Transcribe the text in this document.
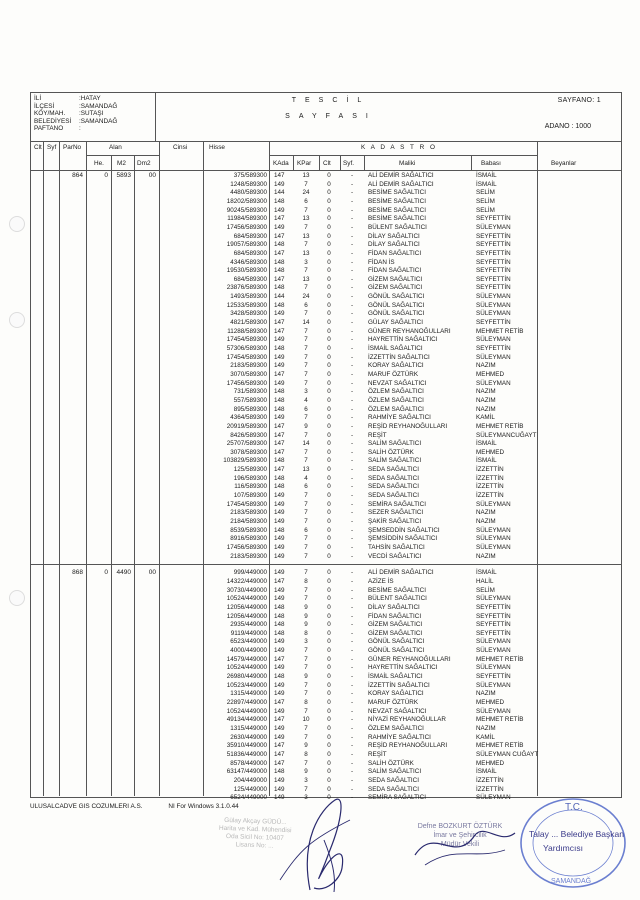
İLİ	:HATAY
İLÇESİ	:SAMANDAĞ
KÖY/MAH.	:SUTAŞI
BELEDİYESİ	:SAMANDAĞ
PAFTANO	:
TESCİL
SAYFASI
SAYFANO: 1
ADANO : 1000
Clt Syf ParNo	Alan	Cinsi	Hisse	K A D A S T R O
He. M2 Dm2	KAda KPar Clt Syf.	Maliki	Babası	Beyanlar
864	0 5893	00	375/589300 147	13	0	-	ALİ DEMİR SAĞALTICI	İSMAİL
1248/589300 149	7	0	-	ALİ DEMİR SAĞALTICI	İSMAİL
4480/589300 144	24	0	-	BESİME SAĞALTICI	SELİM
18202/589300 148	6	0	-	BESİME SAĞALTICI	SELİM
90245/589300 149	7	0	-	BESİME SAĞALTICI	SELİM
11984/589300 147	13	0	-	BESİME SAĞALTICI	SEYFETTİN
17456/589300 149	7	0	-	BÜLENT SAĞALTICI	SÜLEYMAN
684/589300 147	13	0	-	DİLAY SAĞALTICI	SEYFETTİN
19057/589300 148	7	0	-	DİLAY SAĞALTICI	SEYFETTİN
684/589300 147	13	0	-	FİDAN SAĞALTICI	SEYFETTİN
4346/589300 148	3	0	-	FİDAN İS	SEYFETTİN
19530/589300 148	7	0	-	FİDAN SAĞALTICI	SEYFETTİN
684/589300 147	13	0	-	GİZEM SAĞALTICI	SEYFETTİN
23876/589300 148	7	0	-	GİZEM SAĞALTICI	SEYFETTİN
1493/589300 144	24	0	-	GÖNÜL SAĞALTICI	SÜLEYMAN
12533/589300 148	6	0	-	GÖNÜL SAĞALTICI	SÜLEYMAN
3428/589300 149	7	0	-	GÖNÜL SAĞALTICI	SÜLEYMAN
4821/589300 147	14	0	-	GÜLAY SAĞALTICI	SEYFETTİN
11288/589300 147	7	0	-	GÜNER REYHANOĞULLARI	MEHMET RETİB
17454/589300 149	7	0	-	HAYRETTİN SAĞALTICI	SÜLEYMAN
57306/589300 148	7	0	-	İSMAİL SAĞALTICI	SEYFETTİN
17454/589300 149	7	0	-	İZZETTİN SAĞALTICI	SÜLEYMAN
2183/589300 149	7	0	-	KORAY SAĞALTICI	NAZIM
3070/589300 147	7	0	-	MARUF ÖZTÜRK	MEHMED
17456/589300 149	7	0	-	NEVZAT SAĞALTICI	SÜLEYMAN
731/589300 148	3	0	-	ÖZLEM SAĞALTICI	NAZIM
557/589300 148	4	0	-	ÖZLEM SAĞALTICI	NAZIM
895/589300 148	6	0	-	ÖZLEM SAĞALTICI	NAZIM
4364/589300 149	7	0	-	RAHMİYE SAĞALTICI	KAMİL
20919/589300 147	9	0	-	REŞİD REYHANOĞULLARI	MEHMET RETİB
8426/589300 147	7	0	-	REŞİT	SÜLEYMANCUĞAYT
25707/589300 147	14	0	-	SALİM SAĞALTICI	İSMAİL
3078/589300 147	7	0	-	SALİH ÖZTÜRK	MEHMED
103829/589300 148	7	0	-	SALİM SAĞALTICI	İSMAİL
125/589300 147	13	0	-	SEDA SAĞALTICI	İZZETTİN
196/589300 148	4	0	-	SEDA SAĞALTICI	İZZETTİN
116/589300 148	6	0	-	SEDA SAĞALTICI	İZZETTİN
107/589300 149	7	0	-	SEDA SAĞALTICI	İZZETTİN
17454/589300 149	7	0	-	SEMİRA SAĞALTICI	SÜLEYMAN
2183/589300 149	7	0	-	SEZER SAĞALTICI	NAZIM
2184/589300 149	7	0	-	ŞAKİR SAĞALTICI	NAZIM
8539/589300 148	6	0	-	ŞEMSEDDİN SAĞALTICI	SÜLEYMAN
8916/589300 149	7	0	-	ŞEMSİDDİN SAĞALTICI	SÜLEYMAN
17456/589300 149	7	0	-	TAHSİN SAĞALTICI	SÜLEYMAN
2183/589300 149	7	0	-	VECDİ SAĞALTICI	NAZIM
868	0 4490	00	999/449000 149	7	0	-	ALİ DEMİR SAĞALTICI	İSMAİL
14322/449000 147	8	0	-	AZİZE İS	HALİL
30730/449000 149	7	0	-	BESİME SAĞALTICI	SELİM
10524/449000 149	7	0	-	BÜLENT SAĞALTICI	SÜLEYMAN
12056/449000 148	9	0	-	DİLAY SAĞALTICI	SEYFETTİN
12056/449000 148	9	0	-	FİDAN SAĞALTICI	SEYFETTİN
2935/449000 148	9	0	-	GİZEM SAĞALTICI	SEYFETTİN
9119/449000 148	8	0	-	GİZEM SAĞALTICI	SEYFETTİN
6523/449000 149	3	0	-	GÖNÜL SAĞALTICI	SÜLEYMAN
4000/449000 149	7	0	-	GÖNÜL SAĞALTICI	SÜLEYMAN
14579/449000 147	7	0	-	GÜNER REYHANOĞULLARI	MEHMET RETİB
10524/449000 149	7	0	-	HAYRETTİN SAĞALTICI	SÜLEYMAN
26980/449000 148	9	0	-	İSMAİL SAĞALTICI	SEYFETTİN
10523/449000 149	7	0	-	İZZETTİN SAĞALTICI	SÜLEYMAN
1315/449000 149	7	0	-	KORAY SAĞALTICI	NAZIM
22897/449000 147	8	0	-	MARUF ÖZTÜRK	MEHMED
10524/449000 149	7	0	-	NEVZAT SAĞALTICI	SÜLEYMAN
49134/449000 147	10	0	-	NİYAZİ REYHANOĞULLAR	MEHMET RETİB
1315/449000 149	7	0	-	ÖZLEM SAĞALTICI	NAZIM
2630/449000 149	7	0	-	RAHMİYE SAĞALTICI	KAMİL
35910/449000 147	9	0	-	REŞİD REYHANOĞULLARI	MEHMET RETİB
51836/449000 147	8	0	-	REŞİT	SÜLEYMAN CUĞAYT
8578/449000 147	7	0	-	SALİH ÖZTÜRK	MEHMED
63147/449000 148	9	0	-	SALİM SAĞALTICI	İSMAİL
204/449000 149	3	0	-	SEDA SAĞALTICI	İZZETTİN
125/449000 149	7	0	-	SEDA SAĞALTICI	İZZETTİN
6524/449000 149	3	0	-	SEMİRA SAĞALTICI	SÜLEYMAN
ULUSALCADVE GIS COZUMLERI A.S.	NI For Windows 3.1.0.44
Gülay Akçay GÜDÜ...
Harita ve Kad. Mühendisi
Oda Sicil No: 10407
Lisans No: ...
Defne BOZKURT ÖZTÜRK
İmar ve Şehircilik
Müdür Vekili
T.C.
Talay ... Belediye Başkan
Yardımcısı
SAMANDAĞ
